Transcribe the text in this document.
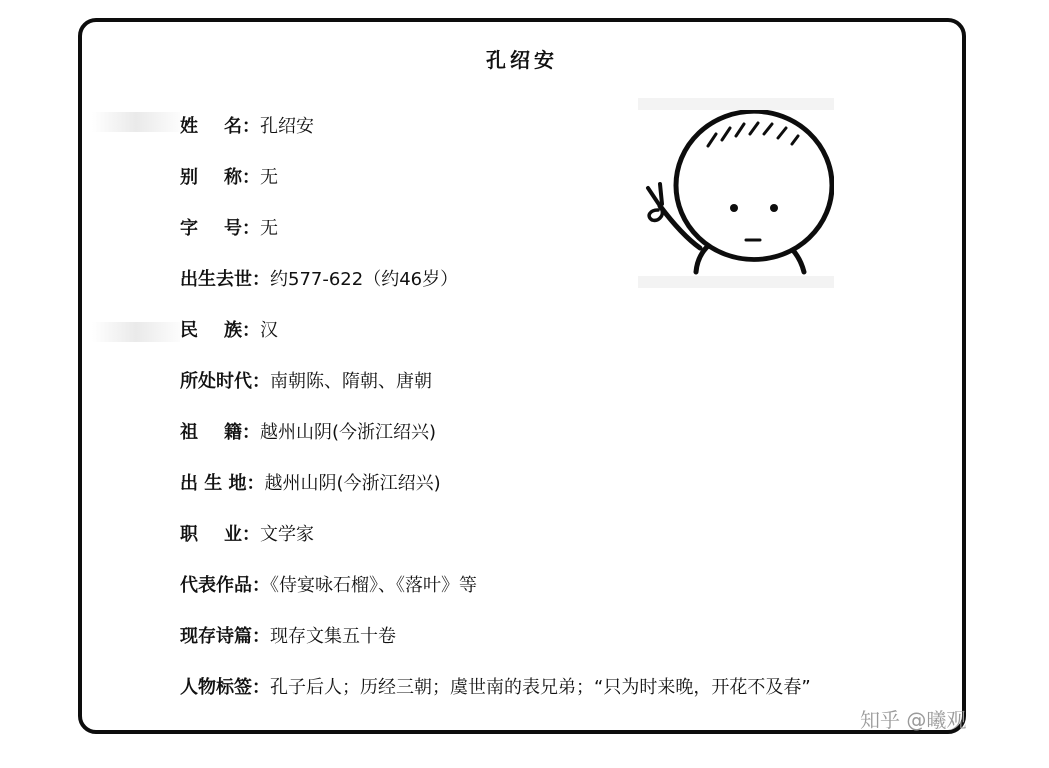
孔绍安
姓　名：孔绍安
别　称：无
字　号：无
出生去世：约577-622（约46岁）
民　族：汉
所处时代：南朝陈、隋朝、唐朝
祖　籍：越州山阴(今浙江绍兴)
出 生 地：越州山阴(今浙江绍兴)
职　业：文学家
代表作品：《侍宴咏石榴》、《落叶》等
现存诗篇：现存文集五十卷
人物标签：孔子后人；历经三朝；虞世南的表兄弟；“只为时来晚，开花不及春”
知乎 @曦观
